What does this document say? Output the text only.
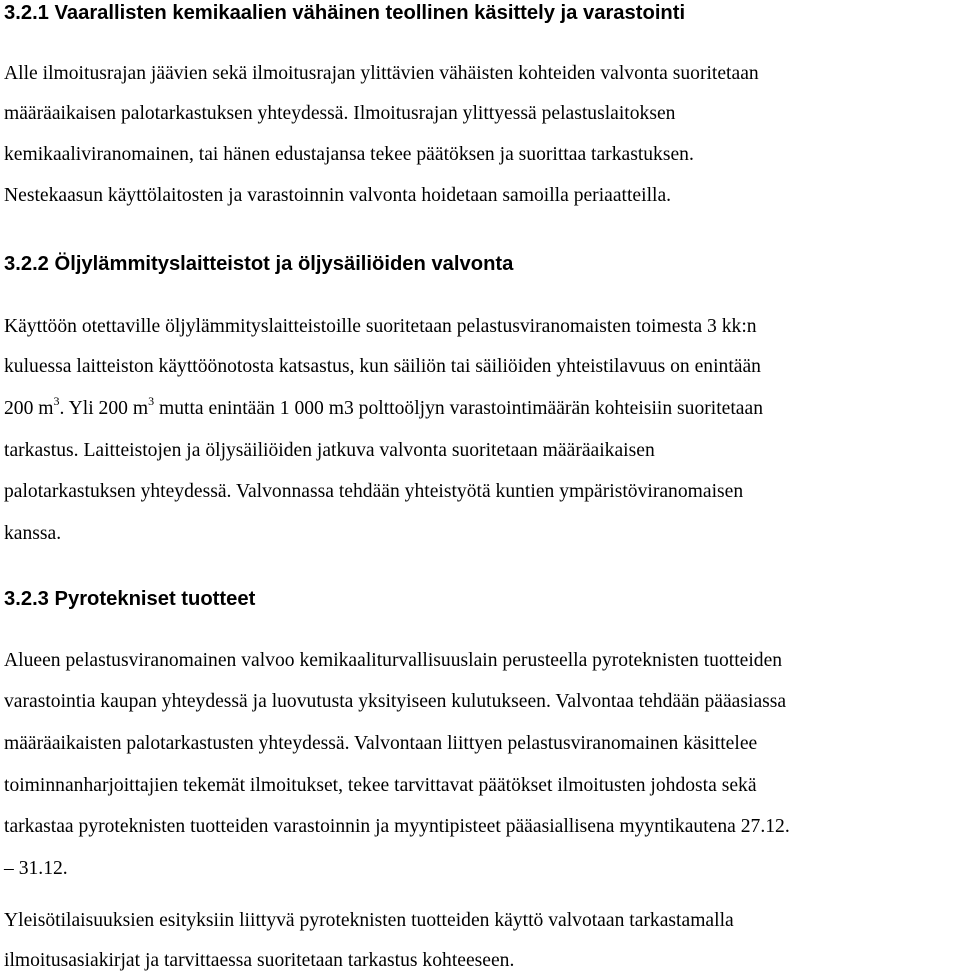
3.2.1 Vaarallisten kemikaalien vähäinen teollinen käsittely ja varastointi
Alle ilmoitusrajan jäävien sekä ilmoitusrajan ylittävien vähäisten kohteiden valvonta suoritetaan
määräaikaisen palotarkastuksen yhteydessä. Ilmoitusrajan ylittyessä pelastuslaitoksen
kemikaaliviranomainen, tai hänen edustajansa tekee päätöksen ja suorittaa tarkastuksen.
Nestekaasun käyttölaitosten ja varastoinnin valvonta hoidetaan samoilla periaatteilla.
3.2.2 Öljylämmityslaitteistot ja öljysäiliöiden valvonta
Käyttöön otettaville öljylämmityslaitteistoille suoritetaan pelastusviranomaisten toimesta 3 kk:n
kuluessa laitteiston käyttöönotosta katsastus, kun säiliön tai säiliöiden yhteistilavuus on enintään
200 $m^3$. Yli 200 $m^3$ mutta enintään 1 000 m3 polttoöljyn varastointimäärän kohteisiin suoritetaan
tarkastus. Laitteistojen ja öljysäiliöiden jatkuva valvonta suoritetaan määräaikaisen
palotarkastuksen yhteydessä. Valvonnassa tehdään yhteistyötä kuntien ympäristöviranomaisen
kanssa.
3.2.3 Pyrotekniset tuotteet
Alueen pelastusviranomainen valvoo kemikaaliturvallisuuslain perusteella pyroteknisten tuotteiden
varastointia kaupan yhteydessä ja luovutusta yksityiseen kulutukseen. Valvontaa tehdään pääasiassa
määräaikaisten palotarkastusten yhteydessä. Valvontaan liittyen pelastusviranomainen käsittelee
toiminnanharjoittajien tekemät ilmoitukset, tekee tarvittavat päätökset ilmoitusten johdosta sekä
tarkastaa pyroteknisten tuotteiden varastoinnin ja myyntipisteet pääasiallisena myyntikautena 27.12.
– 31.12.
Yleisötilaisuuksien esityksiin liittyvä pyroteknisten tuotteiden käyttö valvotaan tarkastamalla
ilmoitusasiakirjat ja tarvittaessa suoritetaan tarkastus kohteeseen.
